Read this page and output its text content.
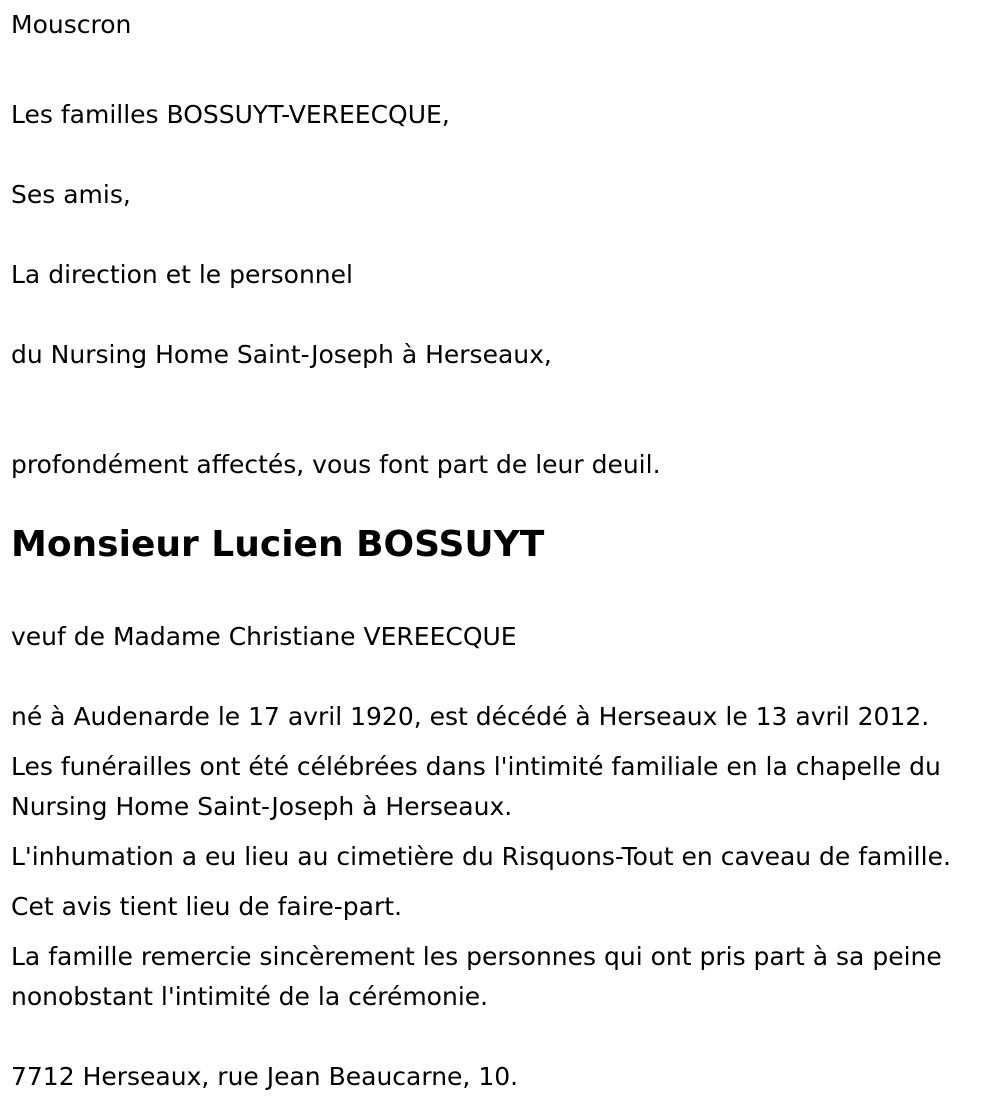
Mouscron

Les familles BOSSUYT-VEREECQUE,

Ses amis,

La direction et le personnel

du Nursing Home Saint-Joseph à Herseaux,

profondément affectés, vous font part de leur deuil.

Monsieur Lucien BOSSUYT

veuf de Madame Christiane VEREECQUE

né à Audenarde le 17 avril 1920, est décédé à Herseaux le 13 avril 2012.

Les funérailles ont été célébrées dans l'intimité familiale en la chapelle du Nursing Home Saint-Joseph à Herseaux.

L'inhumation a eu lieu au cimetière du Risquons-Tout en caveau de famille.

Cet avis tient lieu de faire-part.

La famille remercie sincèrement les personnes qui ont pris part à sa peine nonobstant l'intimité de la cérémonie.

7712 Herseaux, rue Jean Beaucarne, 10.
